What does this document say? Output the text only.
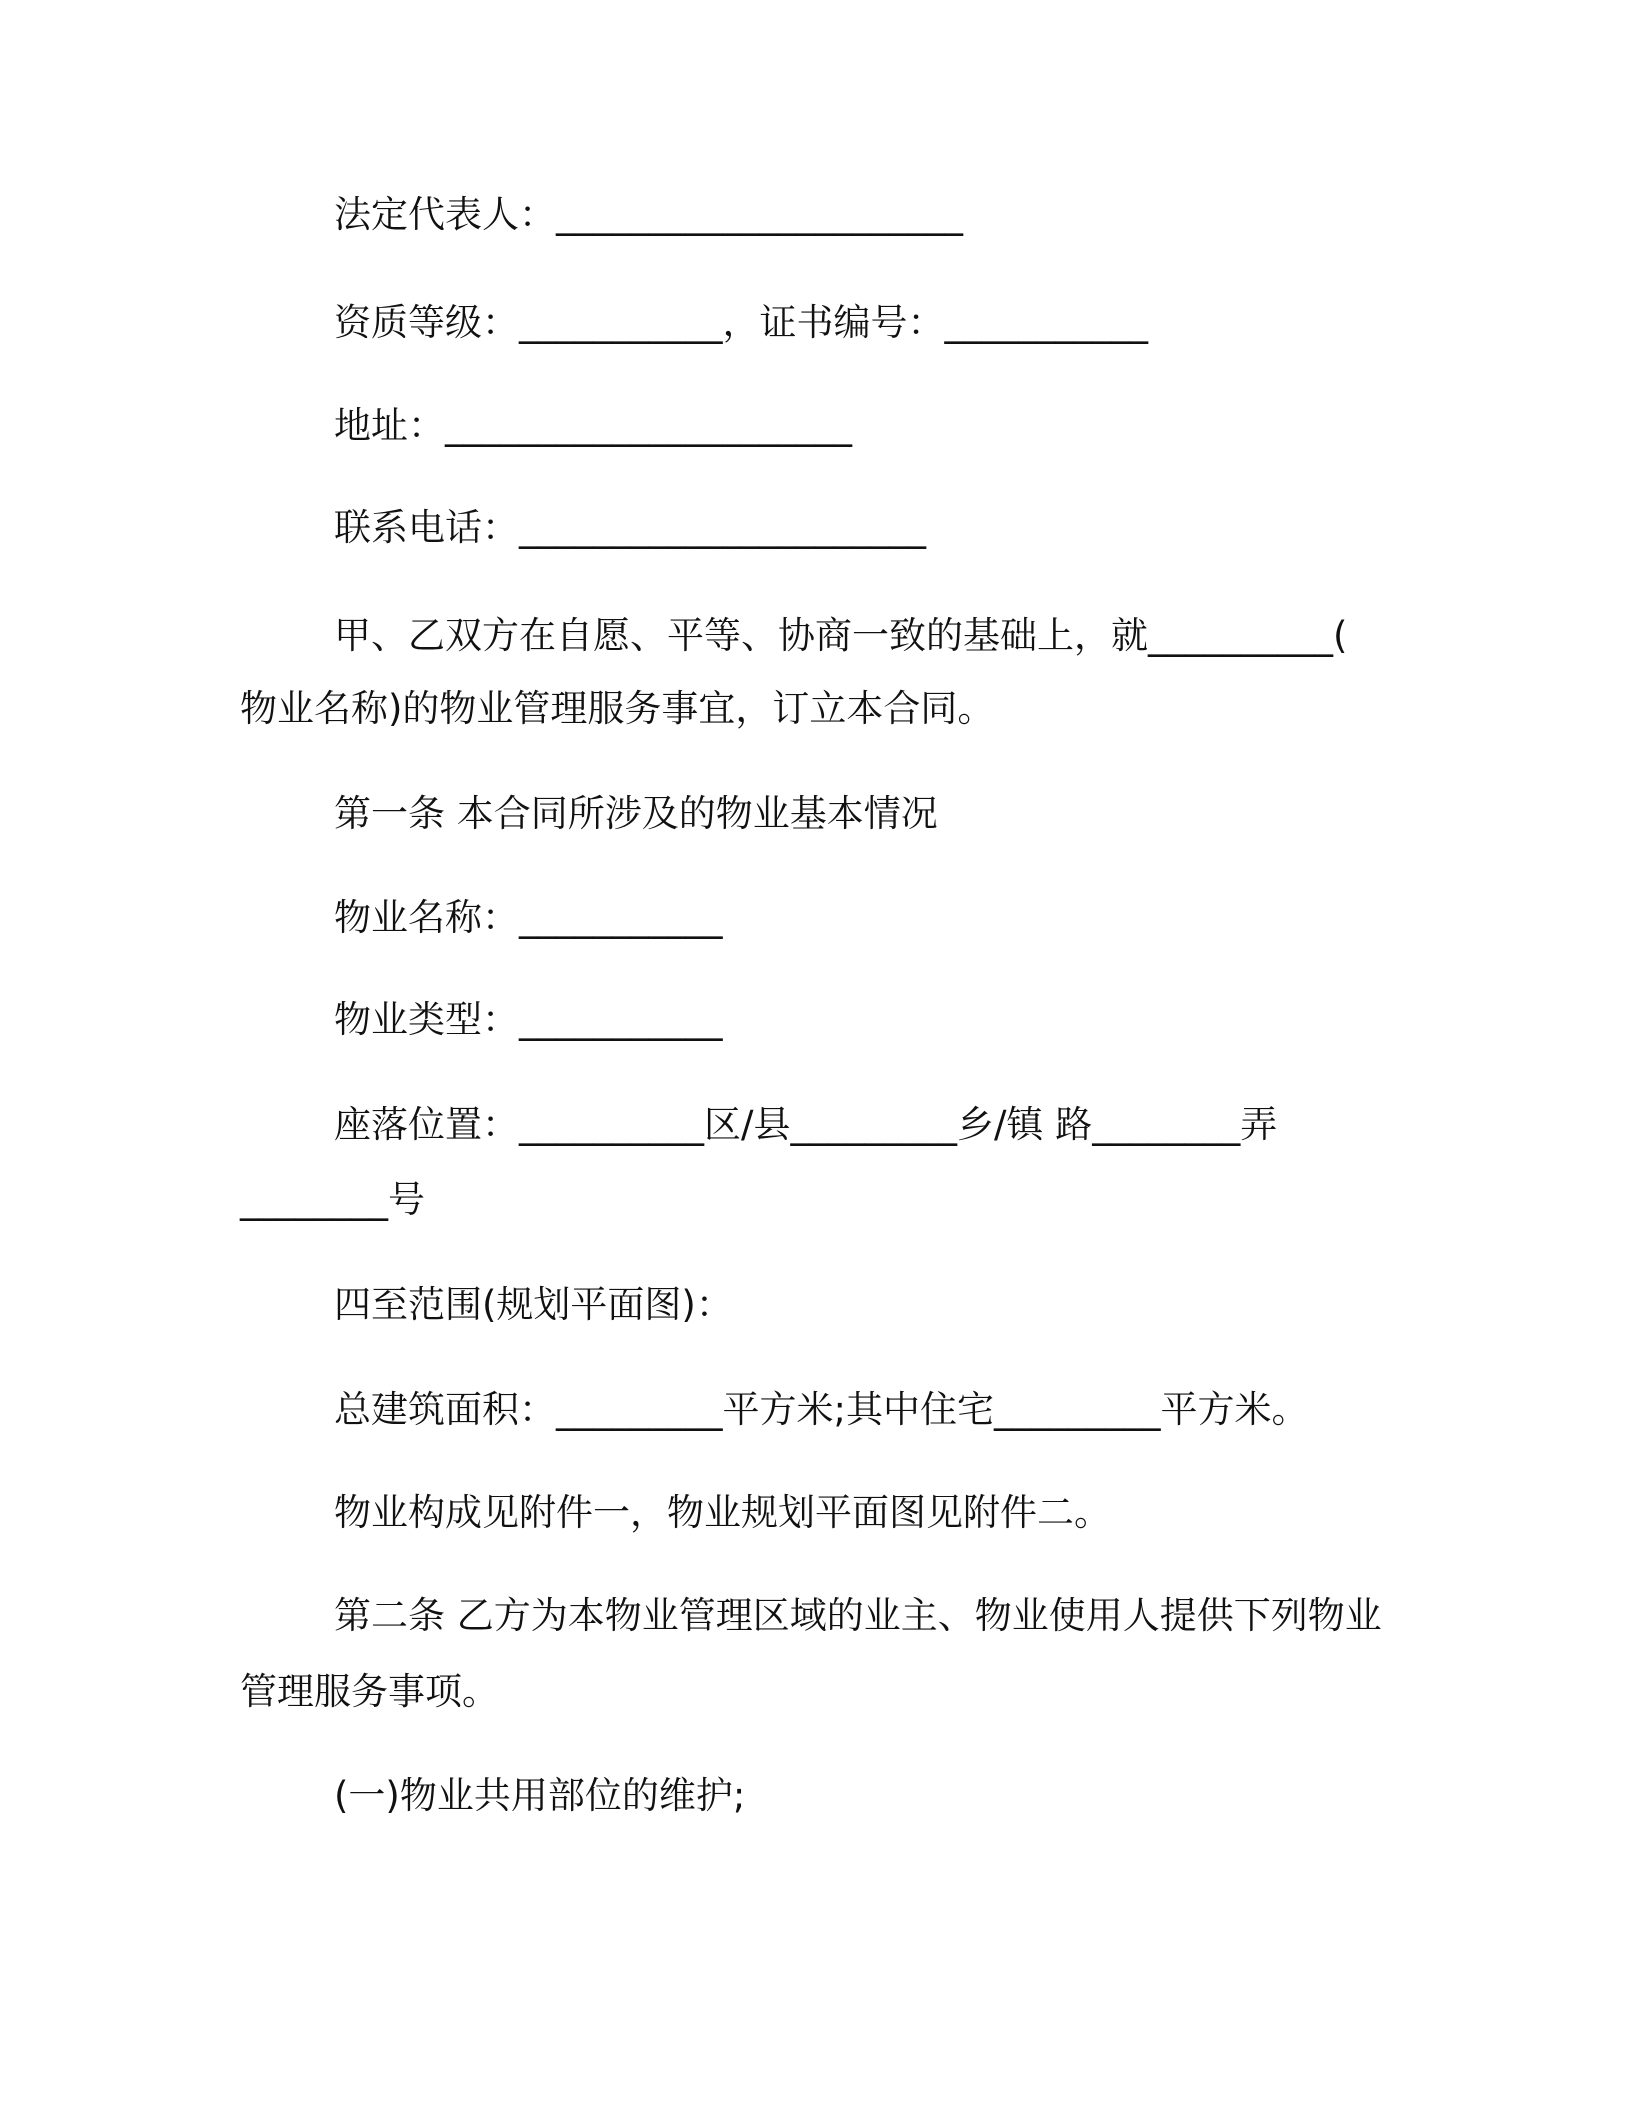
法定代表人：______________________
资质等级：___________，证书编号：___________
地址：______________________
联系电话：______________________
甲、乙双方在自愿、平等、协商一致的基础上，就__________(
物业名称)的物业管理服务事宜，订立本合同。
第一条 本合同所涉及的物业基本情况
物业名称：___________
物业类型：___________
座落位置：__________区/县_________乡/镇 路________弄
________号
四至范围(规划平面图)：
总建筑面积：_________平方米;其中住宅_________平方米。
物业构成见附件一，物业规划平面图见附件二。
第二条 乙方为本物业管理区域的业主、物业使用人提供下列物业
管理服务事项。
(一)物业共用部位的维护;
